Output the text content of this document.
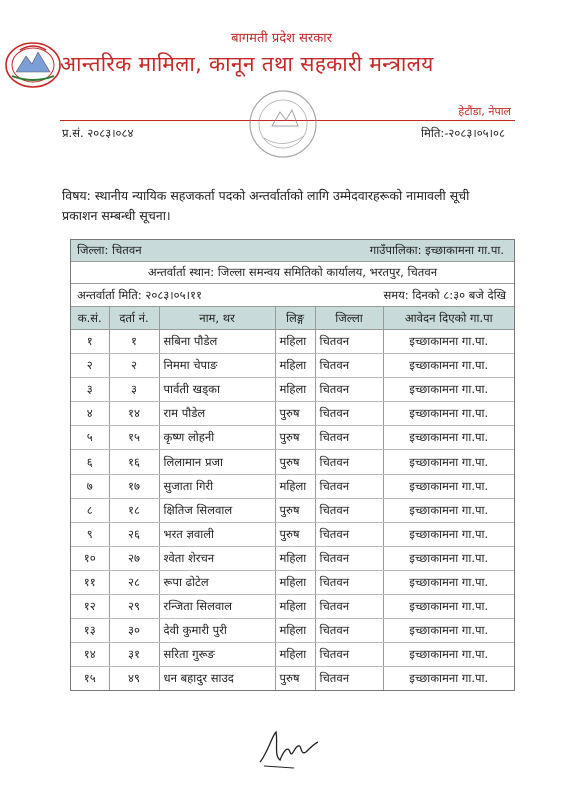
बागमती प्रदेश सरकार
आन्तरिक मामिला, कानून तथा सहकारी मन्त्रालय
हेटौंडा, नेपाल
प्र.सं. २०८३।०८४	मिति:-२०८३।०५।०८
विषय: स्थानीय न्यायिक सहजकर्ता पदको अन्तर्वार्ताको लागि उम्मेदवारहरूको नामावली सूची प्रकाशन सम्बन्धी सूचना।
जिल्ला: चितवन	गाउँपालिका: इच्छाकामना गा.पा.
अन्तर्वार्ता स्थान: जिल्ला समन्वय समितिको कार्यालय, भरतपुर, चितवन
अन्तर्वार्ता मिति: २०८३।०५।११	समय: दिनको ८:३० बजे देखि
क.सं.	दर्ता नं.	नाम, थर	लिङ्ग	जिल्ला	आवेदन दिएको गा.पा
१	१	सबिना पौडेल	महिला	चितवन	इच्छाकामना गा.पा.
२	२	निममा चेपाङ	महिला	चितवन	इच्छाकामना गा.पा.
३	३	पार्वती खड्का	महिला	चितवन	इच्छाकामना गा.पा.
४	१४	राम पौडेल	पुरुष	चितवन	इच्छाकामना गा.पा.
५	१५	कृष्ण लोहनी	पुरुष	चितवन	इच्छाकामना गा.पा.
६	१६	लिलामान प्रजा	पुरुष	चितवन	इच्छाकामना गा.पा.
७	१७	सुजाता गिरी	महिला	चितवन	इच्छाकामना गा.पा.
८	१८	क्षितिज सिलवाल	पुरुष	चितवन	इच्छाकामना गा.पा.
९	२६	भरत ज्ञवाली	पुरुष	चितवन	इच्छाकामना गा.पा.
१०	२७	श्वेता शेरचन	महिला	चितवन	इच्छाकामना गा.पा.
११	२८	रूपा ढोटेल	महिला	चितवन	इच्छाकामना गा.पा.
१२	२९	रन्जिता सिलवाल	महिला	चितवन	इच्छाकामना गा.पा.
१३	३०	देवी कुमारी पुरी	महिला	चितवन	इच्छाकामना गा.पा.
१४	३१	सरिता गुरूङ	महिला	चितवन	इच्छाकामना गा.पा.
१५	४९	धन बहादुर साउद	पुरुष	चितवन	इच्छाकामना गा.पा.
